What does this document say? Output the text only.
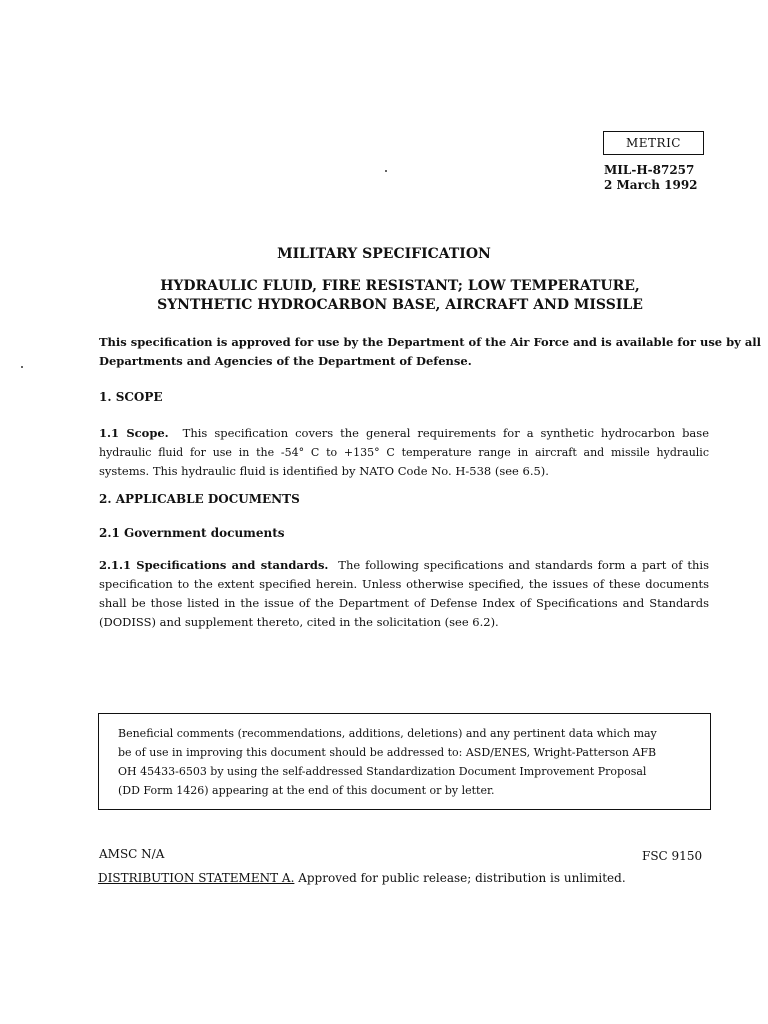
METRIC
MIL-H-87257
2 March 1992
MILITARY SPECIFICATION
HYDRAULIC FLUID, FIRE RESISTANT; LOW TEMPERATURE,
SYNTHETIC HYDROCARBON BASE, AIRCRAFT AND MISSILE
This specification is approved for use by the Department of the Air Force and is available for use by all
Departments and Agencies of the Department of Defense.
1. SCOPE
1.1 Scope. This specification covers the general requirements for a synthetic hydrocarbon base
hydraulic fluid for use in the -54° C to +135° C temperature range in aircraft and missile hydraulic
systems. This hydraulic fluid is identified by NATO Code No. H-538 (see 6.5).
2. APPLICABLE DOCUMENTS
2.1 Government documents
2.1.1 Specifications and standards. The following specifications and standards form a part of this
specification to the extent specified herein. Unless otherwise specified, the issues of these documents
shall be those listed in the issue of the Department of Defense Index of Specifications and Standards
(DODISS) and supplement thereto, cited in the solicitation (see 6.2).
Beneficial comments (recommendations, additions, deletions) and any pertinent data which may
be of use in improving this document should be addressed to: ASD/ENES, Wright-Patterson AFB
OH 45433-6503 by using the self-addressed Standardization Document Improvement Proposal
(DD Form 1426) appearing at the end of this document or by letter.
AMSC N/A	FSC 9150
DISTRIBUTION STATEMENT A. Approved for public release; distribution is unlimited.
